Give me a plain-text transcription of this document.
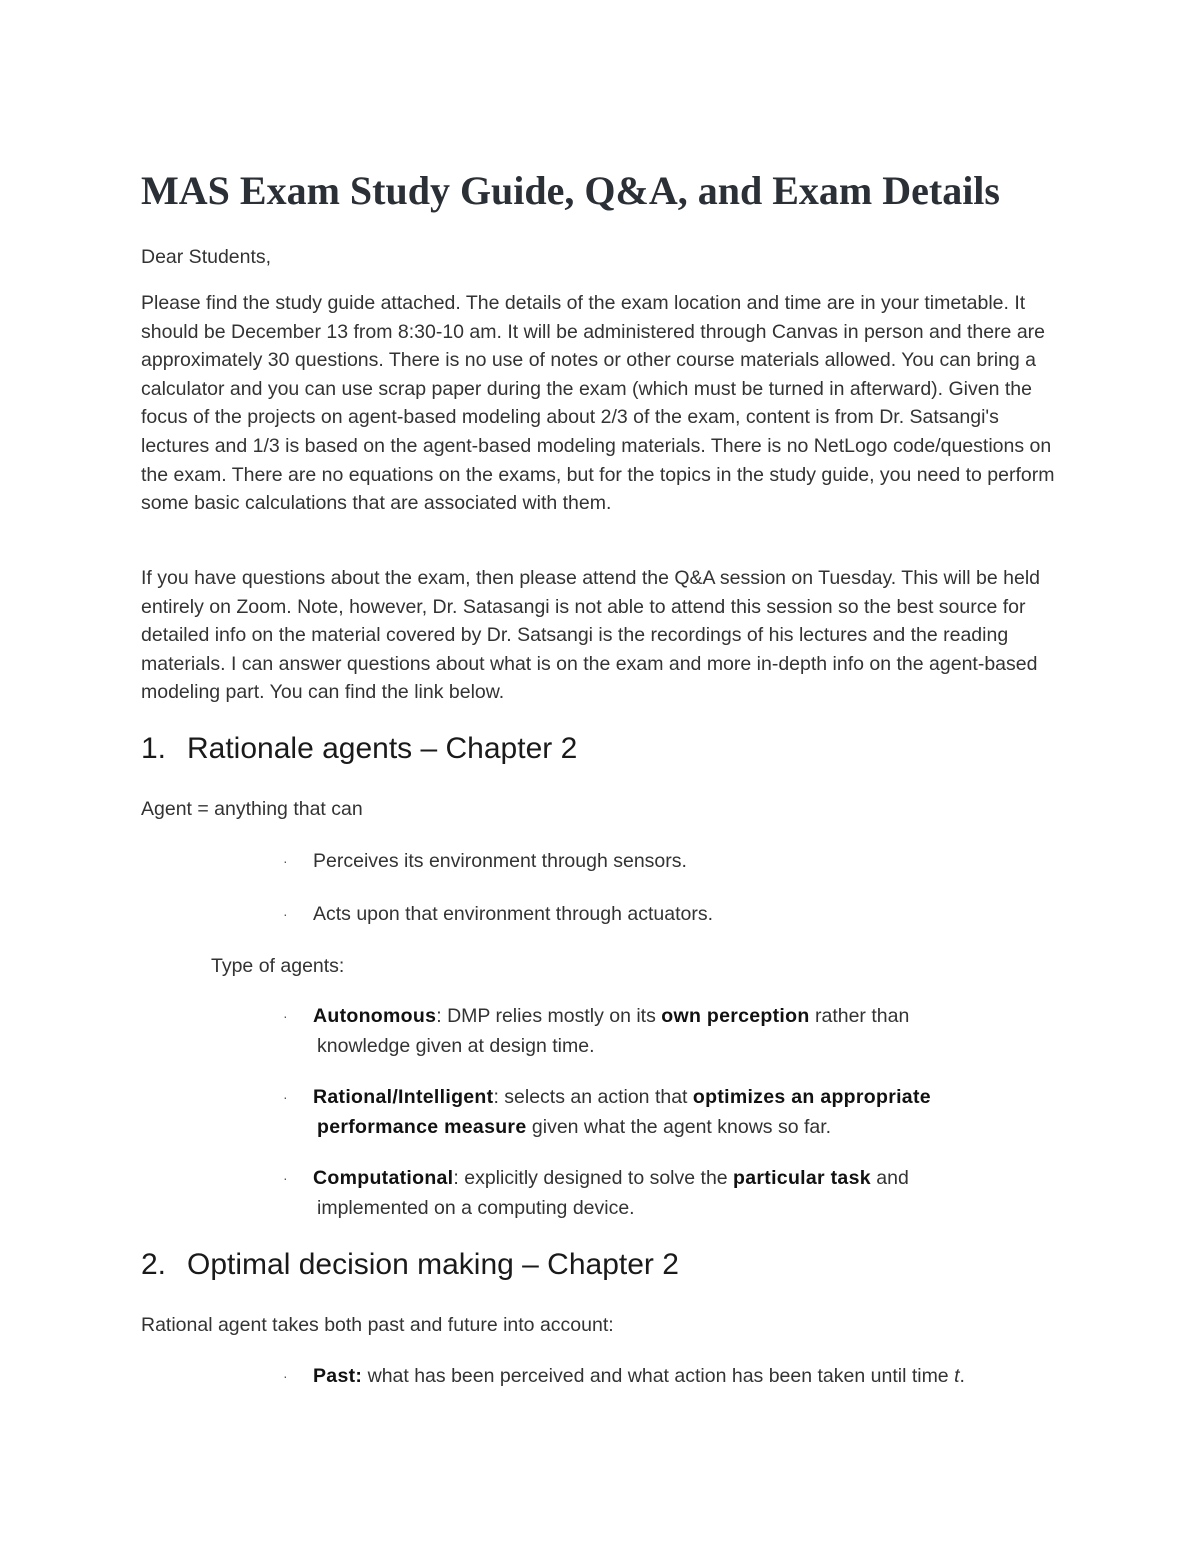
MAS Exam Study Guide, Q&A, and Exam Details

Dear Students,

Please find the study guide attached. The details of the exam location and time are in your timetable. It should be December 13 from 8:30-10 am. It will be administered through Canvas in person and there are approximately 30 questions. There is no use of notes or other course materials allowed. You can bring a calculator and you can use scrap paper during the exam (which must be turned in afterward). Given the focus of the projects on agent-based modeling about 2/3 of the exam, content is from Dr. Satsangi's lectures and 1/3 is based on the agent-based modeling materials. There is no NetLogo code/questions on the exam. There are no equations on the exams, but for the topics in the study guide, you need to perform some basic calculations that are associated with them.

If you have questions about the exam, then please attend the Q&A session on Tuesday. This will be held entirely on Zoom. Note, however, Dr. Satasangi is not able to attend this session so the best source for detailed info on the material covered by Dr. Satsangi is the recordings of his lectures and the reading materials. I can answer questions about what is on the exam and more in-depth info on the agent-based modeling part. You can find the link below.

1. Rationale agents – Chapter 2

Agent = anything that can

· Perceives its environment through sensors.
· Acts upon that environment through actuators.

Type of agents:

· Autonomous: DMP relies mostly on its own perception rather than
knowledge given at design time.
· Rational/Intelligent: selects an action that optimizes an appropriate
performance measure given what the agent knows so far.
· Computational: explicitly designed to solve the particular task and
implemented on a computing device.
2. Optimal decision making – Chapter 2

Rational agent takes both past and future into account:

· Past: what has been perceived and what action has been taken until time t.
